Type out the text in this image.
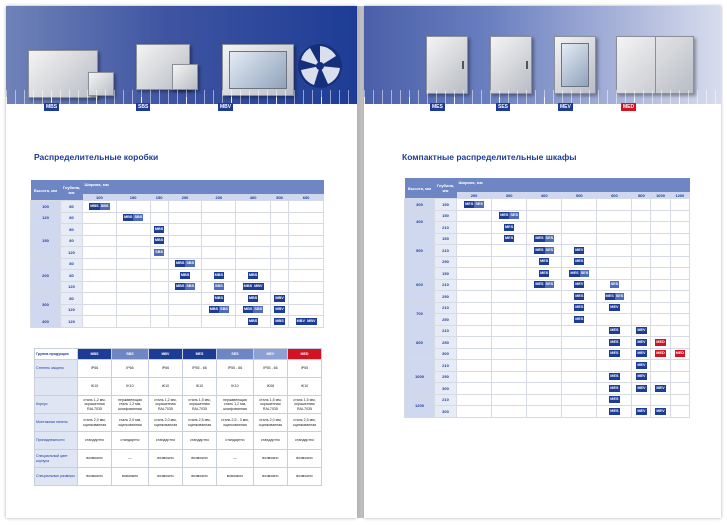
MBS	SBS	MBV
Распределительные коробки
Высота, мм	Глубина, мм	Ширина, мм							
		100	150	150	200	200	400	500	600
100	80	MBS SBS							
120	80		MBS SBS						
150	80			MBS					
	80			MBS					
	120			SBS					
200	80				MBS SBS				
	80				MBS	MBS	MBS		
	120				MBS SBS	SBS	MBS MBV		
300	80					MBS	MBS	MBV	
	120					MBS SBS	MBS SBS	MBV	
400	120						MBS	MBS	MBV MBV
Группа продукции	MBS	SBS	MBV	MES	SES	MEV	MED
Степень защиты	IP66	IP66	IP66	IP55 - 66	IP55 - 66	IP55 - 66	IP55
	IK10	IK10	IK10	IK10	IK10	IK08	IK10
Корпус	сталь 1,2 мм, окрашенная RAL7035	нержавеющая сталь 1,2 мм, шлифованная	сталь 1,2 мм, окрашенная RAL7035	сталь 1,5 мм, окрашенная RAL7035	нержавеющая сталь 1,2 мм, шлифованная	сталь 1,5 мм, окрашенная RAL7035	сталь 1,5 мм, окрашенная RAL7035
Монтажная панель	сталь 2,0 мм, оцинкованная	сталь 2,0 мм, оцинкованная	сталь 2,0 мм, оцинкованная	сталь 2,5 мм, оцинкованная	сталь 2,5 - 3 мм, оцинкованная	сталь 2,0 мм, оцинкованная	сталь 2,5 мм, оцинкованная
Принадлежности	стандартно	стандартно	стандартно	стандартно	стандартно	стандартно	стандартно
Специальный цвет корпуса	возможно	—	возможно	возможно	—	возможно	возможно
Специальные размеры	возможно	возможно	возможно	возможно	возможно	возможно	возможно
MES	SES	MEV	MED
Компактные распределительные шкафы
Высота, мм	Глубина, мм	Ширина, мм							
		200	300	400	500	600	800	1000	1200
300	150	MES SES							
400	150		MES SES						
	210		MES						
500	150		MES	MES SES					
	210			MES SES	MEV				
	250			MES	MES				
600	150			MES	MES SES				
	210			MES SES	MEV	SES			
	250				MES	MES SES			
700	210				MES	MEV			
	250				MES				
800	210					MES	MEV		
	250					MES	MEV	MED	
	300					MES	MEV	MED	MED
1000	210						MEV		
	250					MES	MEV		
	300					MES	MEV	MEV	
1200	210					MES			
	300					MES	MEV	MEV	
